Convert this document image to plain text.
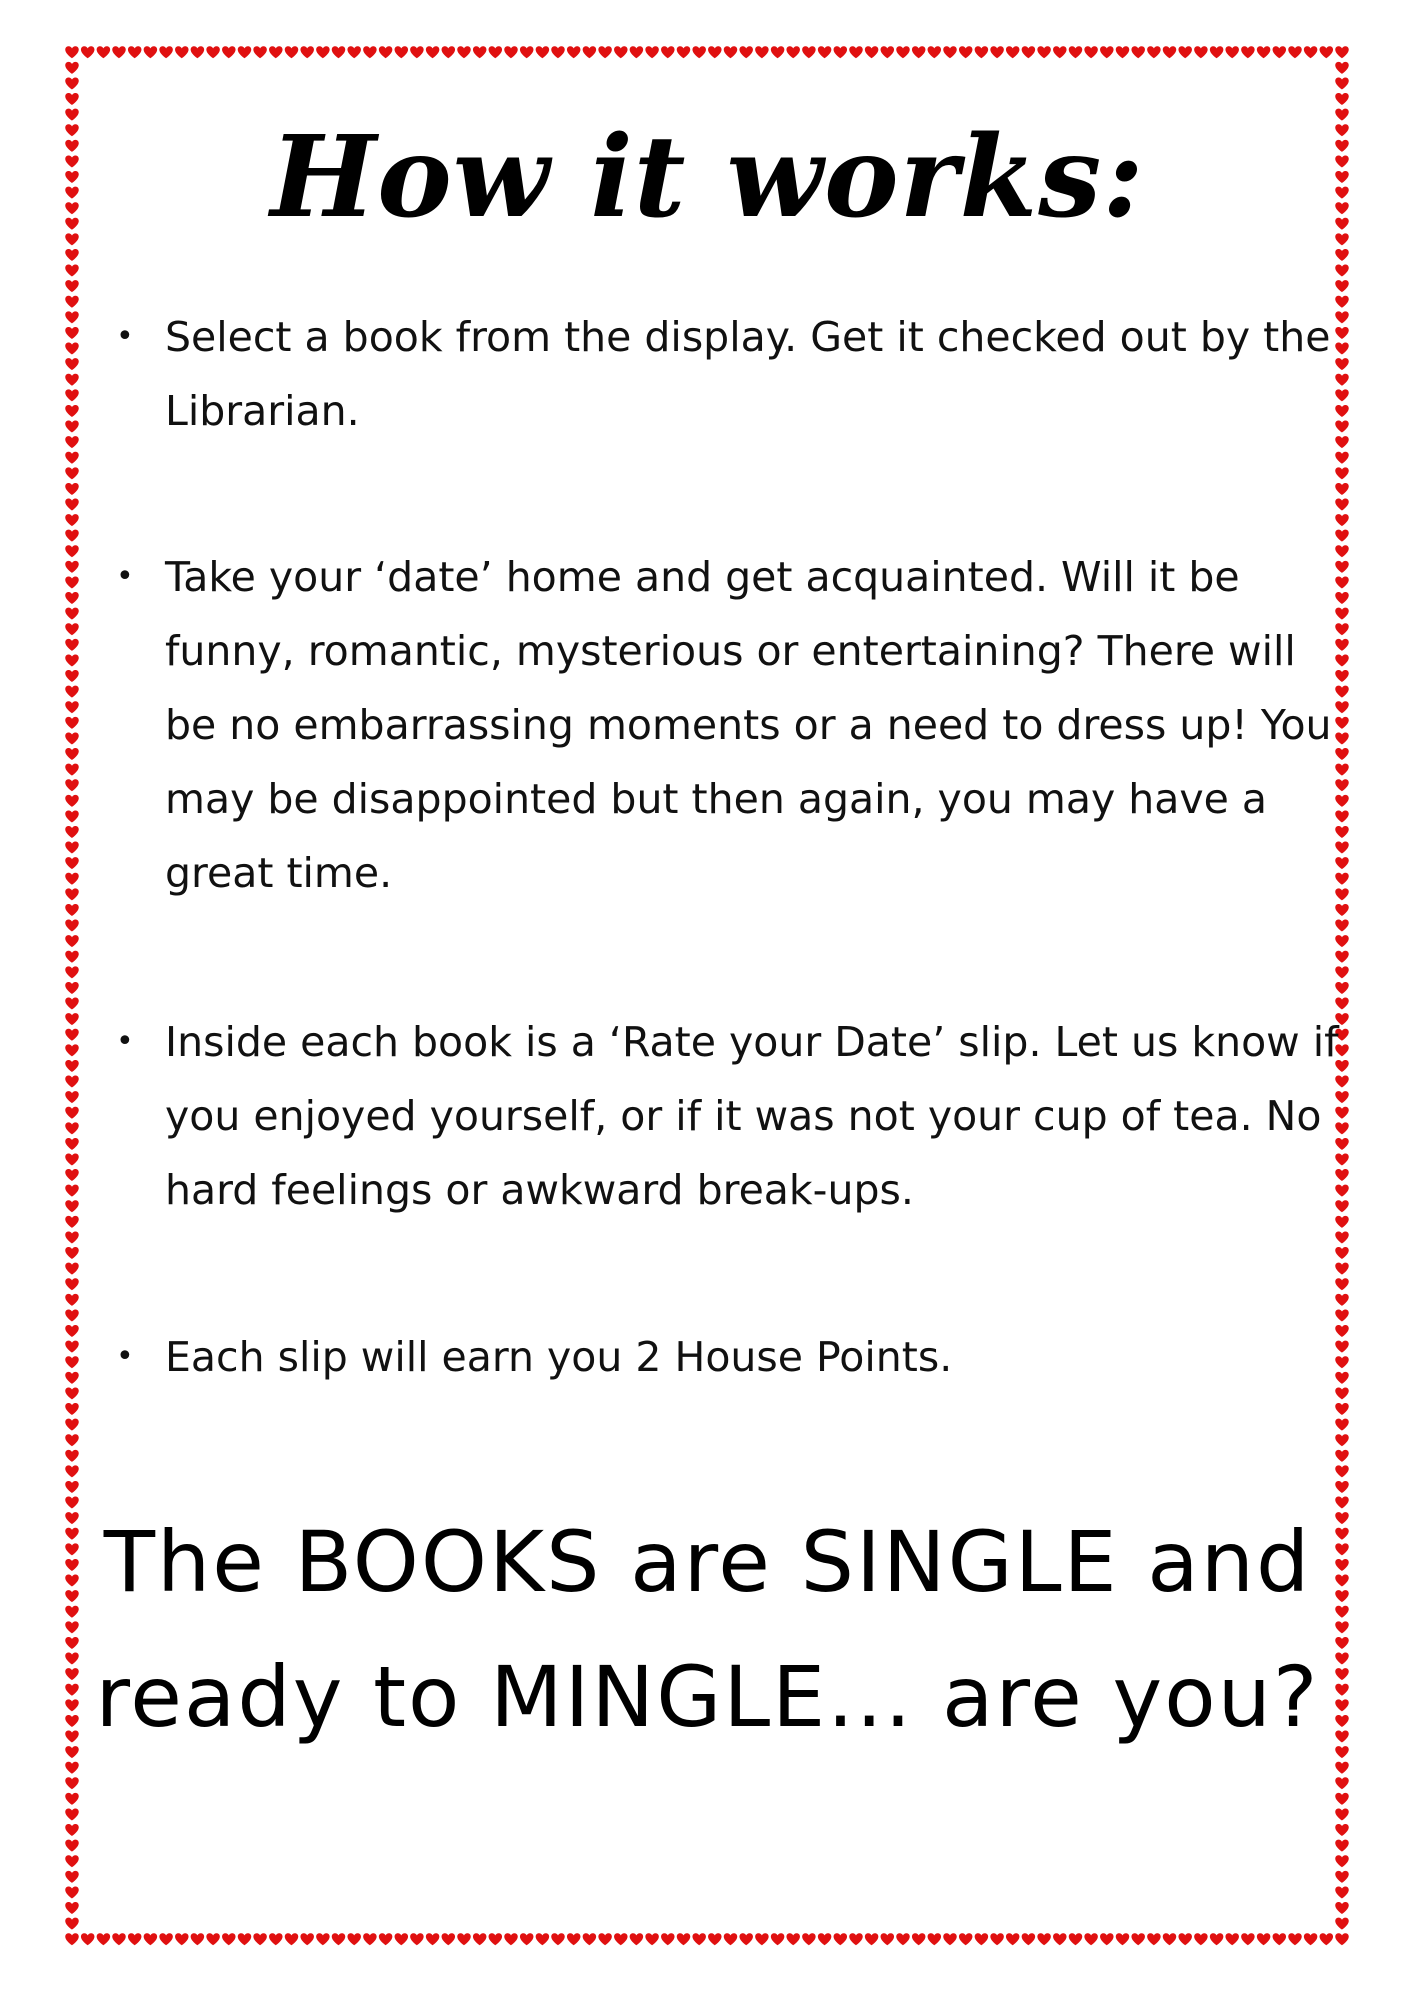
How it works:
• Select a book from the display. Get it checked out by the Librarian.
• Take your ‘date’ home and get acquainted. Will it be funny, romantic, mysterious or entertaining? There will be no embarrassing moments or a need to dress up! You may be disappointed but then again, you may have a great time.
• Inside each book is a ‘Rate your Date’ slip. Let us know if you enjoyed yourself, or if it was not your cup of tea. No hard feelings or awkward break-ups.
• Each slip will earn you 2 House Points.
The BOOKS are SINGLE and
ready to MINGLE... are you?
